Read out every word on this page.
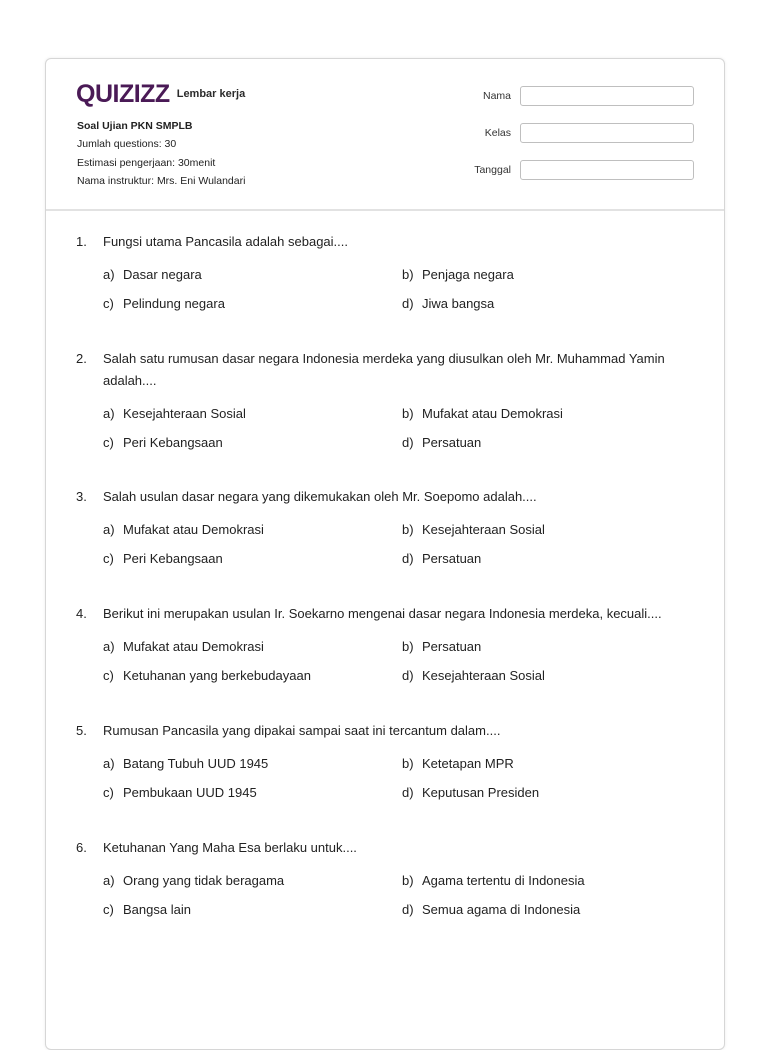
QUIZIZZ Lembar kerja
Soal Ujian PKN SMPLB
Jumlah questions: 30
Estimasi pengerjaan: 30menit
Nama instruktur: Mrs. Eni Wulandari
Nama
Kelas
Tanggal
1.	Fungsi utama Pancasila adalah sebagai....
a) Dasar negara	b) Penjaga negara
c) Pelindung negara	d) Jiwa bangsa
2.	Salah satu rumusan dasar negara Indonesia merdeka yang diusulkan oleh Mr. Muhammad Yamin adalah....
a) Kesejahteraan Sosial	b) Mufakat atau Demokrasi
c) Peri Kebangsaan	d) Persatuan
3.	Salah usulan dasar negara yang dikemukakan oleh Mr. Soepomo adalah....
a) Mufakat atau Demokrasi	b) Kesejahteraan Sosial
c) Peri Kebangsaan	d) Persatuan
4.	Berikut ini merupakan usulan Ir. Soekarno mengenai dasar negara Indonesia merdeka, kecuali....
a) Mufakat atau Demokrasi	b) Persatuan
c) Ketuhanan yang berkebudayaan	d) Kesejahteraan Sosial
5.	Rumusan Pancasila yang dipakai sampai saat ini tercantum dalam....
a) Batang Tubuh UUD 1945	b) Ketetapan MPR
c) Pembukaan UUD 1945	d) Keputusan Presiden
6.	Ketuhanan Yang Maha Esa berlaku untuk....
a) Orang yang tidak beragama	b) Agama tertentu di Indonesia
c) Bangsa lain	d) Semua agama di Indonesia
